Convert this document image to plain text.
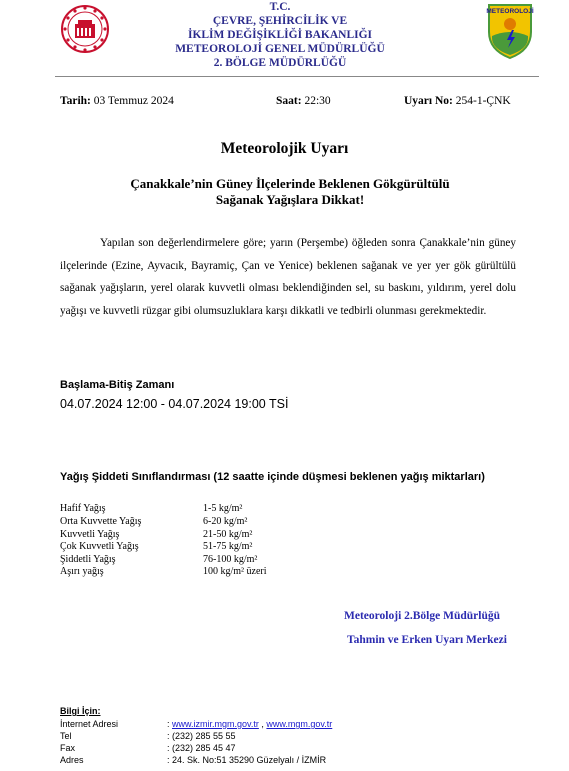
T.C.
ÇEVRE, ŞEHİRCİLİK VE
İKLİM DEĞİŞİKLİĞİ BAKANLIĞI
METEOROLOJİ GENEL MÜDÜRLÜĞÜ
2. BÖLGE MÜDÜRLÜĞÜ
METEOROLOJİ
Tarih: 03 Temmuz 2024	Saat: 22:30	Uyarı No: 254-1-ÇNK
Meteorolojik Uyarı
Çanakkale’nin Güney İlçelerinde Beklenen Gökgürültülü Sağanak Yağışlara Dikkat!
Yapılan son değerlendirmelere göre; yarın (Perşembe) öğleden sonra Çanakkale’nin güney ilçelerinde (Ezine, Ayvacık, Bayramiç, Çan ve Yenice) beklenen sağanak ve yer yer gök gürültülü sağanak yağışların, yerel olarak kuvvetli olması beklendiğinden sel, su baskını, yıldırım, yerel dolu yağışı ve kuvvetli rüzgar gibi olumsuzluklara karşı dikkatli ve tedbirli olunması gerekmektedir.
Başlama-Bitiş Zamanı
04.07.2024 12:00 - 04.07.2024 19:00 TSİ
Yağış Şiddeti Sınıflandırması (12 saatte içinde düşmesi beklenen yağış miktarları)
Hafif Yağış	1-5 kg/m²
Orta Kuvvette Yağış	6-20 kg/m²
Kuvvetli Yağış	21-50 kg/m²
Çok Kuvvetli Yağış	51-75 kg/m²
Şiddetli Yağış	76-100 kg/m²
Aşırı yağış	100 kg/m² üzeri
Meteoroloji 2.Bölge Müdürlüğü
Tahmin ve Erken Uyarı Merkezi
Bilgi İçin:
İnternet Adresi	: www.izmir.mgm.gov.tr , www.mgm.gov.tr
Tel	: (232) 285 55 55
Fax	: (232) 285 45 47
Adres	: 24. Sk. No:51 35290 Güzelyalı / İZMİR
